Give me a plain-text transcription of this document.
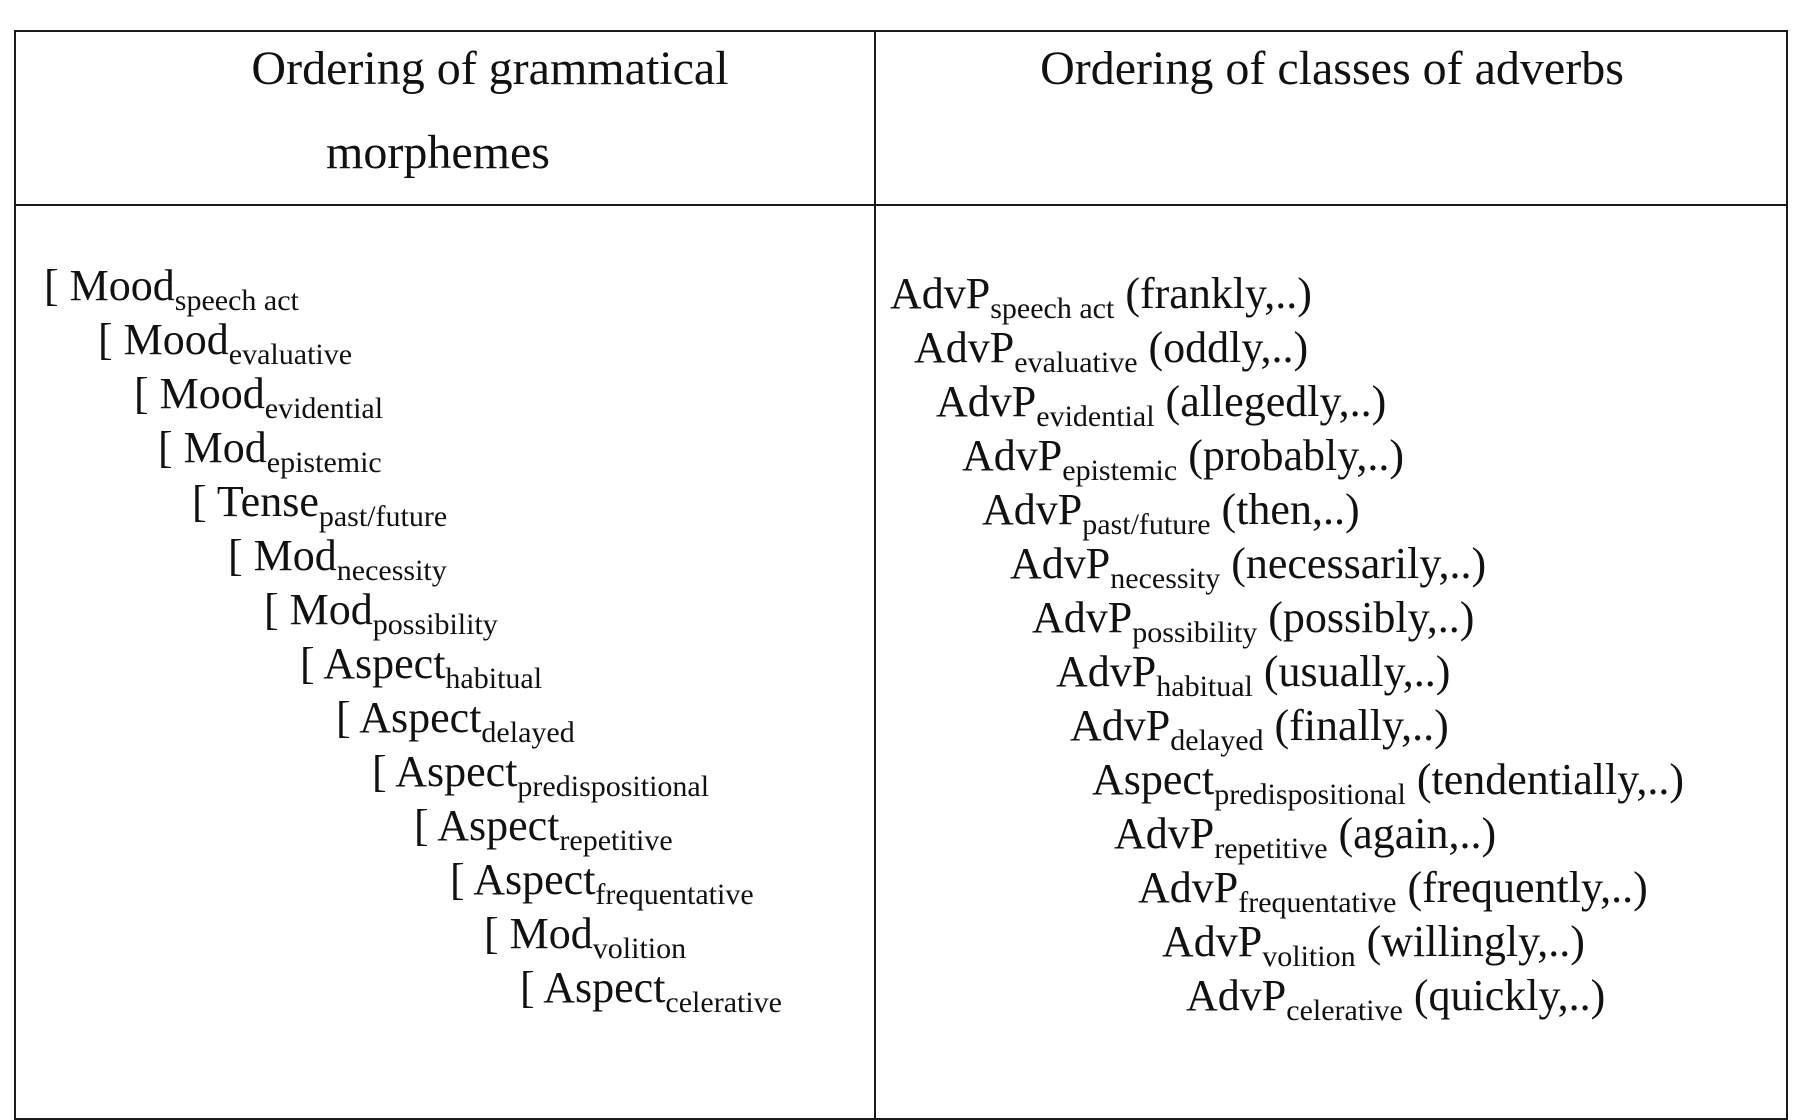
Ordering of grammatical
morphemes
Ordering of classes of adverbs
[ Mood$_{speech act}$
[ Mood$_{evaluative}$
[ Mood$_{evidential}$
[ Mod$_{epistemic}$
[ Tense$_{past/future}$
[ Mod$_{necessity}$
[ Mod$_{possibility}$
[ Aspect$_{habitual}$
[ Aspect$_{delayed}$
[ Aspect$_{predispositional}$
[ Aspect$_{repetitive}$
[ Aspect$_{frequentative}$
[ Mod$_{volition}$
[ Aspect$_{celerative}$
AdvP$_{speech act}$ (frankly,..)
AdvP$_{evaluative}$ (oddly,..)
AdvP$_{evidential}$ (allegedly,..)
AdvP$_{epistemic}$ (probably,..)
AdvP$_{past/future}$ (then,..)
AdvP$_{necessity}$ (necessarily,..)
AdvP$_{possibility}$ (possibly,..)
AdvP$_{habitual}$ (usually,..)
AdvP$_{delayed}$ (finally,..)
Aspect$_{predispositional}$ (tendentially,..)
AdvP$_{repetitive}$ (again,..)
AdvP$_{frequentative}$ (frequently,..)
AdvP$_{volition}$ (willingly,..)
AdvP$_{celerative}$ (quickly,..)
